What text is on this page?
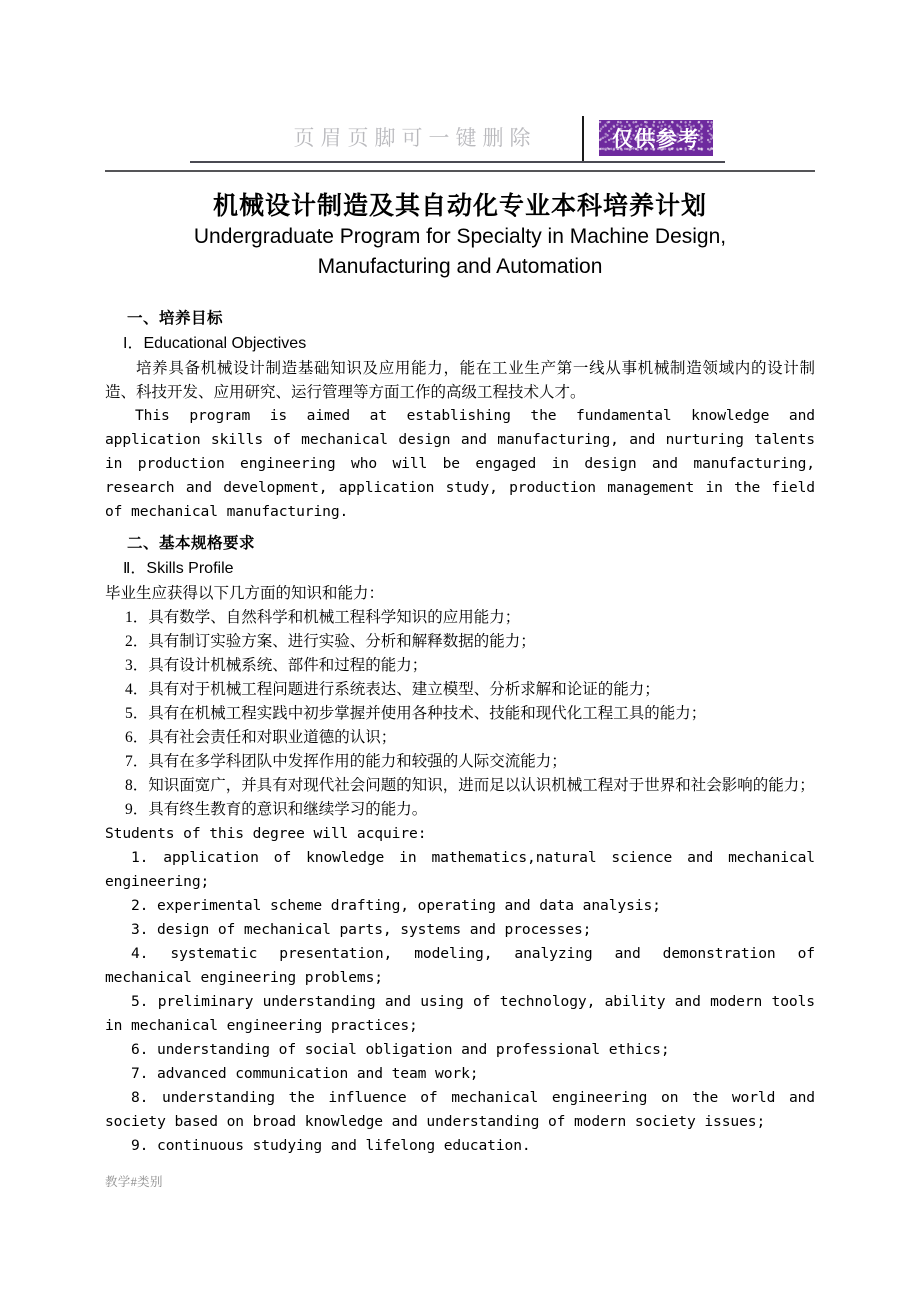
页眉页脚可一键删除	仅供参考
机械设计制造及其自动化专业本科培养计划
Undergraduate Program for Specialty in Machine Design,
Manufacturing and Automation

一、培养目标

Ⅰ．Educational Objectives

培养具备机械设计制造基础知识及应用能力，能在工业生产第一线从事机械制造领域内的设计制造、科技开发、应用研究、运行管理等方面工作的高级工程技术人才。

This program is aimed at establishing the fundamental knowledge and application skills of mechanical design and manufacturing, and nurturing talents in production engineering who will be engaged in design and manufacturing, research and development, application study, production management in the field of mechanical manufacturing.

二、基本规格要求

Ⅱ．Skills Profile

毕业生应获得以下几方面的知识和能力：

1．具有数学、自然科学和机械工程科学知识的应用能力；

2．具有制订实验方案、进行实验、分析和解释数据的能力；

3．具有设计机械系统、部件和过程的能力；

4．具有对于机械工程问题进行系统表达、建立模型、分析求解和论证的能力；

5．具有在机械工程实践中初步掌握并使用各种技术、技能和现代化工程工具的能力；

6．具有社会责任和对职业道德的认识；

7．具有在多学科团队中发挥作用的能力和较强的人际交流能力；

8．知识面宽广，并具有对现代社会问题的知识，进而足以认识机械工程对于世界和社会影响的能力；

9．具有终生教育的意识和继续学习的能力。

Students of this degree will acquire:

1. application of knowledge in mathematics,natural science and mechanical engineering;

2. experimental scheme drafting, operating and data analysis;

3. design of mechanical parts, systems and processes;

4. systematic presentation, modeling, analyzing and demonstration of mechanical engineering problems;

5. preliminary understanding and using of technology, ability and modern tools in mechanical engineering practices;

6. understanding of social obligation and professional ethics;

7. advanced communication and team work;

8. understanding the influence of mechanical engineering on the world and society based on broad knowledge and understanding of modern society issues;

9. continuous studying and lifelong education.

教学#类别
